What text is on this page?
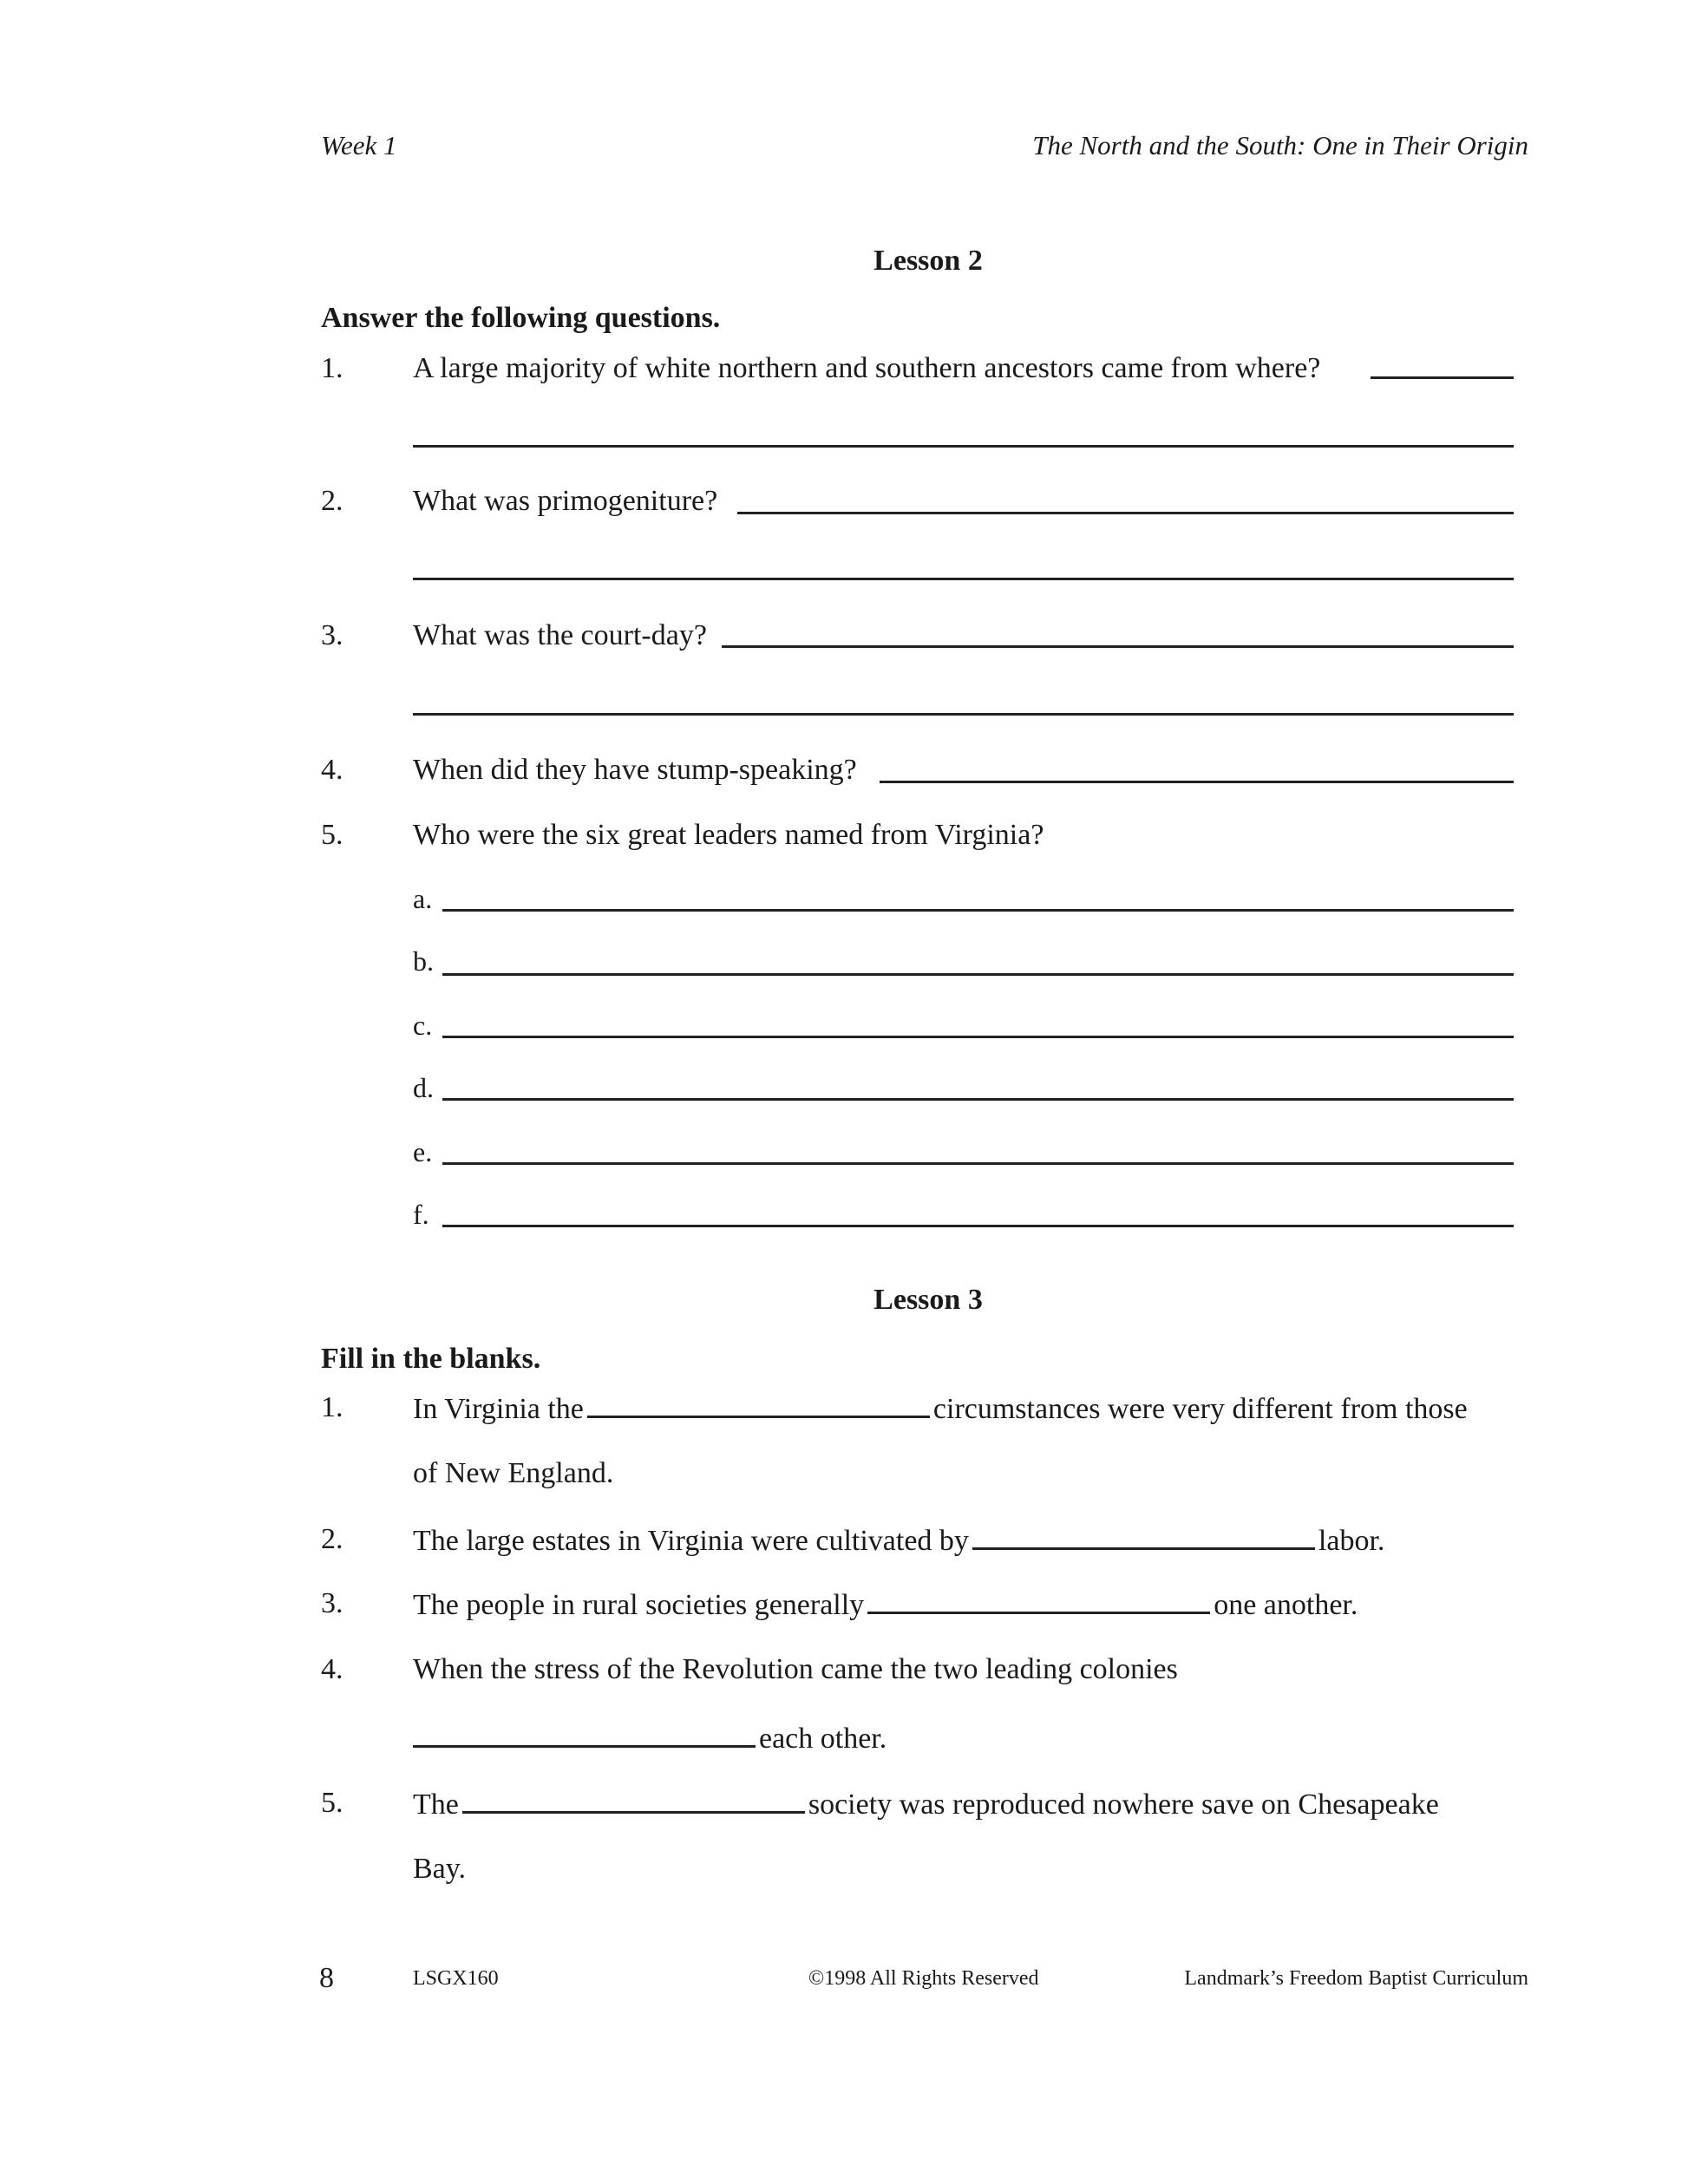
Week 1	The North and the South: One in Their Origin
Lesson 2
Answer the following questions.
1. A large majority of white northern and southern ancestors came from where?
2. What was primogeniture?
3. What was the court-day?
4. When did they have stump-speaking?
5. Who were the six great leaders named from Virginia?
a.
b.
c.
d.
e.
f.
Lesson 3
Fill in the blanks.
1. In Virginia the	circumstances were very different from those
of New England.
2. The large estates in Virginia were cultivated by	labor.
3. The people in rural societies generally	one another.
4. When the stress of the Revolution came the two leading colonies
each other.
5. The	society was reproduced nowhere save on Chesapeake
Bay.
8	LSGX160	©1998 All Rights Reserved	Landmark’s Freedom Baptist Curriculum
